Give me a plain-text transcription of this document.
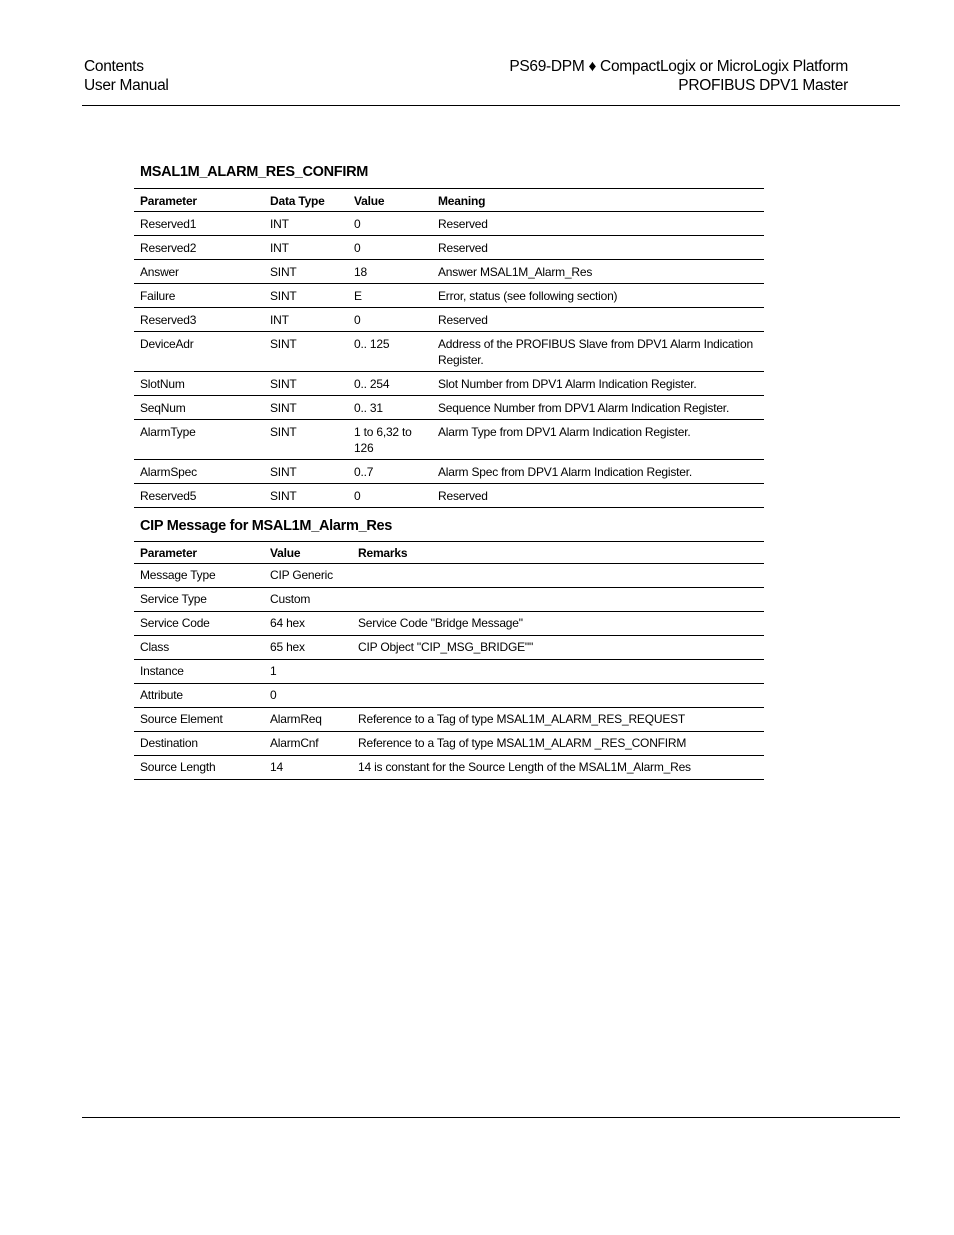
Contents
User Manual
PS69-DPM ♦ CompactLogix or MicroLogix Platform
PROFIBUS DPV1 Master
MSAL1M_ALARM_RES_CONFIRM
Parameter	Data Type	Value	Meaning
Reserved1	INT	0	Reserved
Reserved2	INT	0	Reserved
Answer	SINT	18	Answer MSAL1M_Alarm_Res
Failure	SINT	E	Error, status (see following section)
Reserved3	INT	0	Reserved
DeviceAdr	SINT	0.. 125	Address of the PROFIBUS Slave from DPV1 Alarm Indication Register.
SlotNum	SINT	0.. 254	Slot Number from DPV1 Alarm Indication Register.
SeqNum	SINT	0.. 31	Sequence Number from DPV1 Alarm Indication Register.
AlarmType	SINT	1 to 6,32 to 126	Alarm Type from DPV1 Alarm Indication Register.
AlarmSpec	SINT	0..7	Alarm Spec from DPV1 Alarm Indication Register.
Reserved5	SINT	0	Reserved
CIP Message for MSAL1M_Alarm_Res
Parameter	Value	Remarks
Message Type	CIP Generic	
Service Type	Custom	
Service Code	64 hex	Service Code "Bridge Message"
Class	65 hex	CIP Object "CIP_MSG_BRIDGE""
Instance	1	
Attribute	0	
Source Element	AlarmReq	Reference to a Tag of type MSAL1M_ALARM_RES_REQUEST
Destination	AlarmCnf	Reference to a Tag of type MSAL1M_ALARM _RES_CONFIRM
Source Length	14	14 is constant for the Source Length of the MSAL1M_Alarm_Res
